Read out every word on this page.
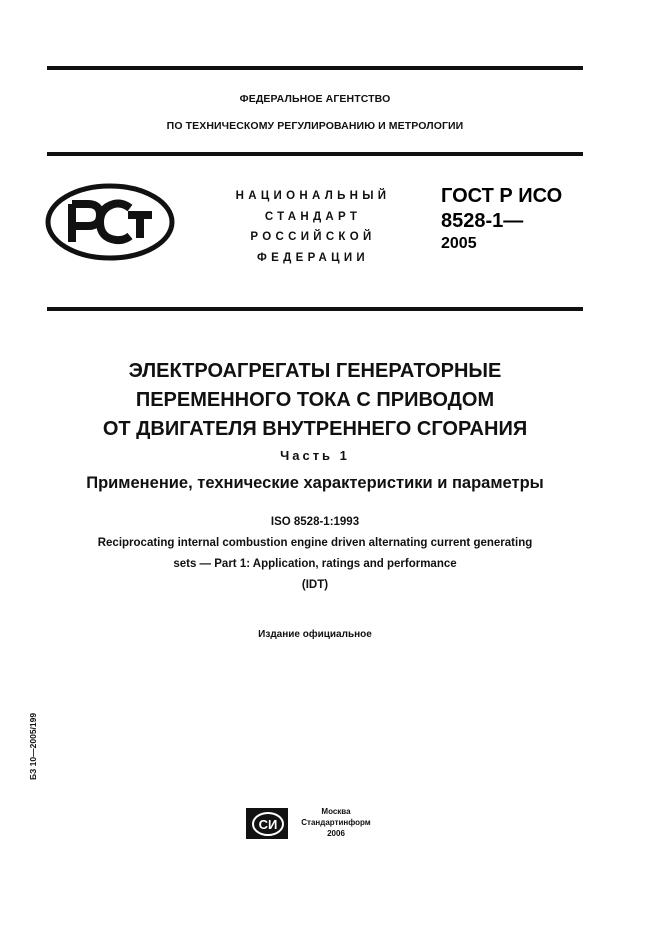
ФЕДЕРАЛЬНОЕ АГЕНТСТВО
ПО ТЕХНИЧЕСКОМУ РЕГУЛИРОВАНИЮ И МЕТРОЛОГИИ
НАЦИОНАЛЬНЫЙ
СТАНДАРТ
РОССИЙСКОЙ
ФЕДЕРАЦИИ
ГОСТ Р ИСО
8528-1—
2005
ЭЛЕКТРОАГРЕГАТЫ ГЕНЕРАТОРНЫЕ
ПЕРЕМЕННОГО ТОКА С ПРИВОДОМ
ОТ ДВИГАТЕЛЯ ВНУТРЕННЕГО СГОРАНИЯ
Часть 1
Применение, технические характеристики и параметры
ISO 8528-1:1993
Reciprocating internal combustion engine driven alternating current generating
sets — Part 1: Application, ratings and performance
(IDT)
Издание официальное
БЗ 10—2005/199
СИ
Москва
Стандартинформ
2006
